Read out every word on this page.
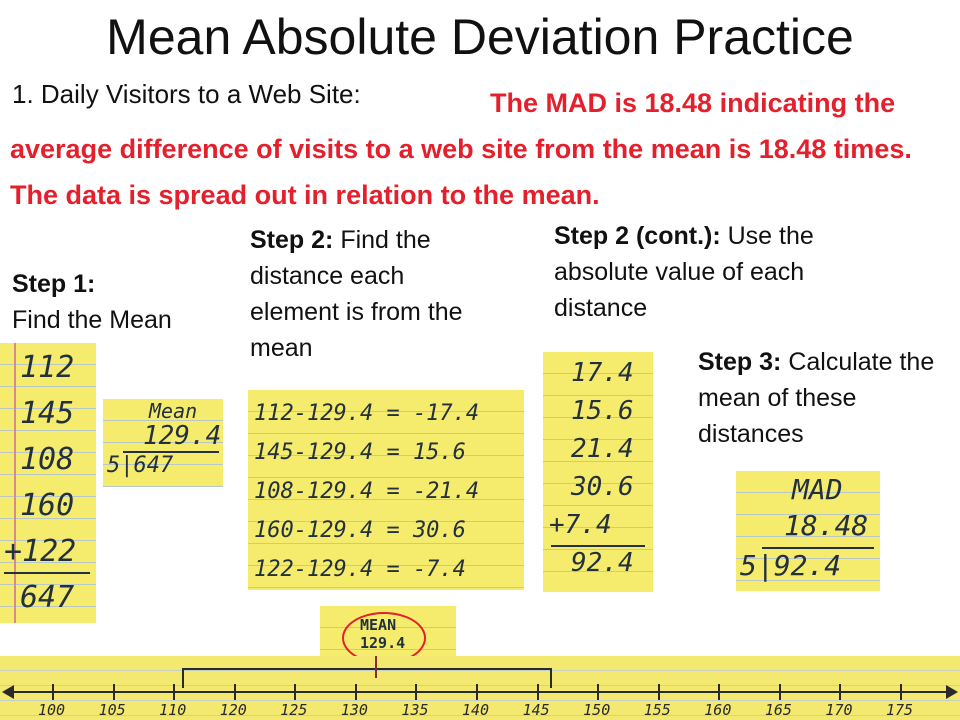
Mean Absolute Deviation Practice
1. Daily Visitors to a Web Site:	The MAD is 18.48 indicating the average difference of visits to a web site from the mean is 18.48 times. The data is spread out in relation to the mean.
Step 1:
Find the Mean
Step 2: Find the distance each element is from the mean
Step 2 (cont.): Use the absolute value of each distance
Step 3: Calculate the mean of these distances
112
145
108
160
+122
647
Mean
129.4
5|647
112-129.4 = -17.4
145-129.4 = 15.6
108-129.4 = -21.4
160-129.4 = 30.6
122-129.4 = -7.4
17.4
15.6
21.4
30.6
+7.4
92.4
MAD
18.48
5|92.4
MEAN
129.4
100 105 110 120 125 130 135 140 145 150 155 160 165 170 175
